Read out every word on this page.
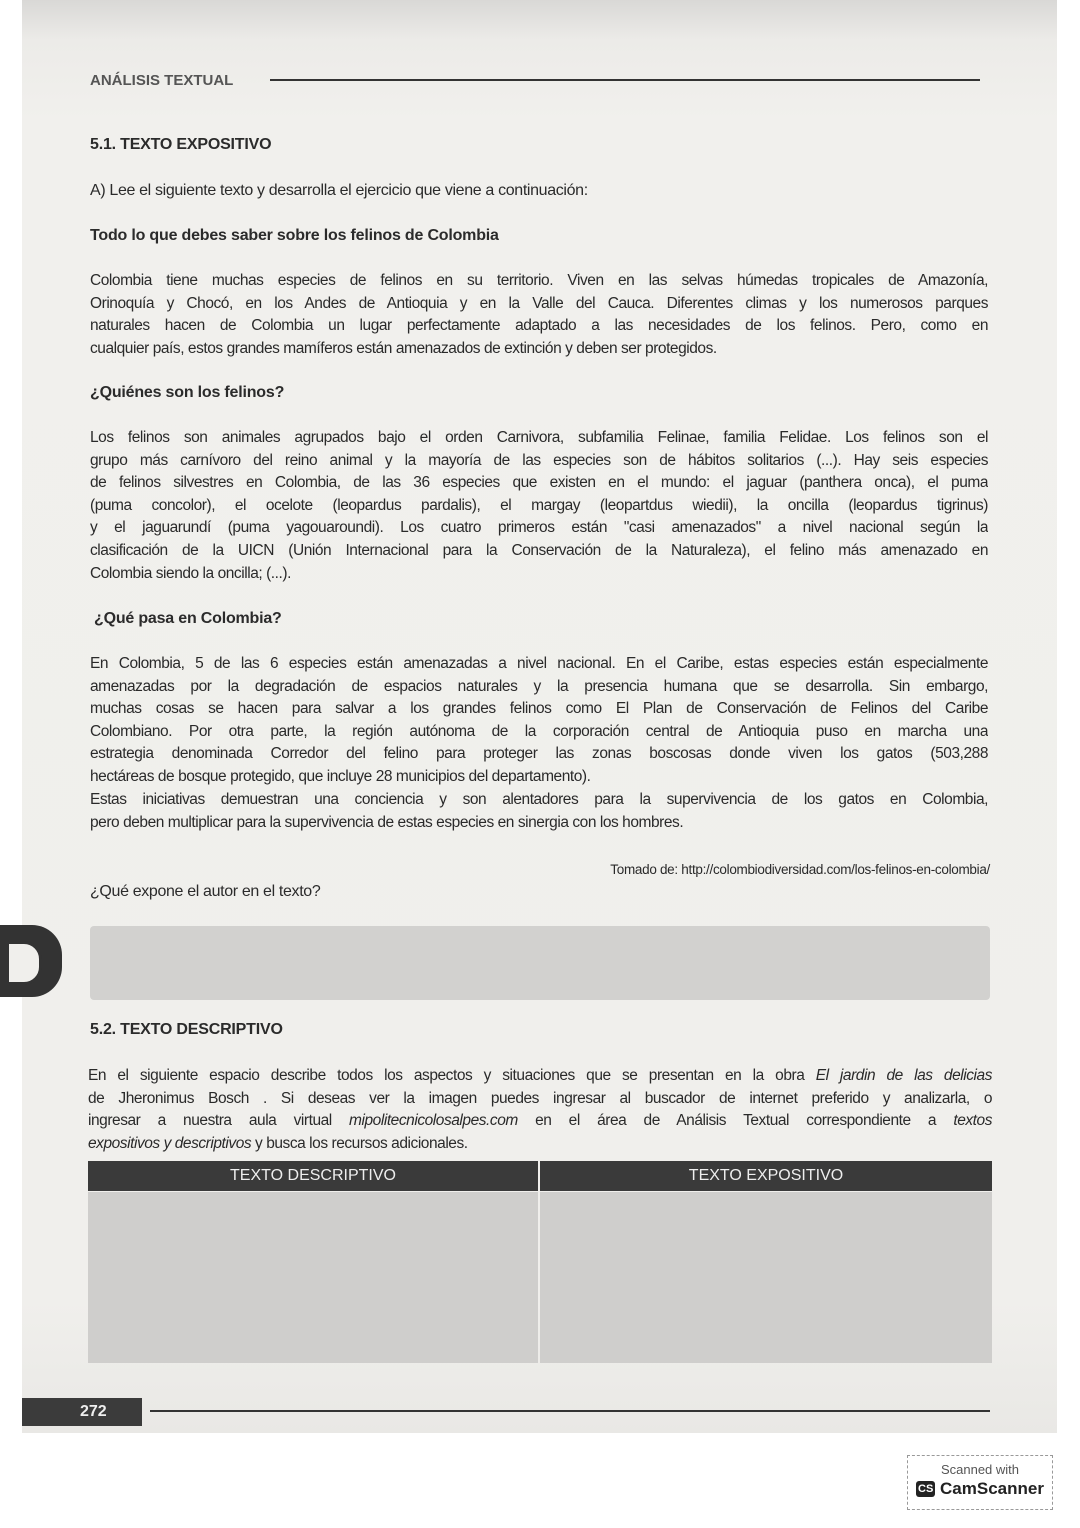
ANÁLISIS TEXTUAL
5.1. TEXTO EXPOSITIVO
A) Lee el siguiente texto y desarrolla el ejercicio que viene a continuación:
Todo lo que debes saber sobre los felinos de Colombia
Colombia tiene muchas especies de felinos en su territorio. Viven en las selvas húmedas tropicales de Amazonía,
Orinoquía y Chocó, en los Andes de Antioquia y en la Valle del Cauca. Diferentes climas y los numerosos parques
naturales hacen de Colombia un lugar perfectamente adaptado a las necesidades de los felinos. Pero, como en
cualquier país, estos grandes mamíferos están amenazados de extinción y deben ser protegidos.
¿Quiénes son los felinos?
Los felinos son animales agrupados bajo el orden Carnivora, subfamilia Felinae, familia Felidae. Los felinos son el
grupo más carnívoro del reino animal y la mayoría de las especies son de hábitos solitarios (...). Hay seis especies
de felinos silvestres en Colombia, de las 36 especies que existen en el mundo: el jaguar (panthera onca), el puma
(puma concolor), el ocelote (leopardus pardalis), el margay (leopartdus wiedii), la oncilla (leopardus tigrinus)
y el jaguarundí (puma yagouaroundi). Los cuatro primeros están "casi amenazados" a nivel nacional según la
clasificación de la UICN (Unión Internacional para la Conservación de la Naturaleza), el felino más amenazado en
Colombia siendo la oncilla; (...).
¿Qué pasa en Colombia?
En Colombia, 5 de las 6 especies están amenazadas a nivel nacional. En el Caribe, estas especies están especialmente
amenazadas por la degradación de espacios naturales y la presencia humana que se desarrolla. Sin embargo,
muchas cosas se hacen para salvar a los grandes felinos como El Plan de Conservación de Felinos del Caribe
Colombiano. Por otra parte, la región autónoma de la corporación central de Antioquia puso en marcha una
estrategia denominada Corredor del felino para proteger las zonas boscosas donde viven los gatos (503,288
hectáreas de bosque protegido, que incluye 28 municipios del departamento).
Estas iniciativas demuestran una conciencia y son alentadores para la supervivencia de los gatos en Colombia,
pero deben multiplicar para la supervivencia de estas especies en sinergia con los hombres.
Tomado de: http://colombiodiversidad.com/los-felinos-en-colombia/
¿Qué expone el autor en el texto?
5.2. TEXTO DESCRIPTIVO
En el siguiente espacio describe todos los aspectos y situaciones que se presentan en la obra El jardin de las delicias
de Jheronimus Bosch . Si deseas ver la imagen puedes ingresar al buscador de internet preferido y analizarla, o
ingresar a nuestra aula virtual mipolitecnicolosalpes.com en el área de Análisis Textual correspondiente a textos
expositivos y descriptivos y busca los recursos adicionales.
TEXTO DESCRIPTIVO	TEXTO EXPOSITIVO
272
Scanned with
CS CamScanner
